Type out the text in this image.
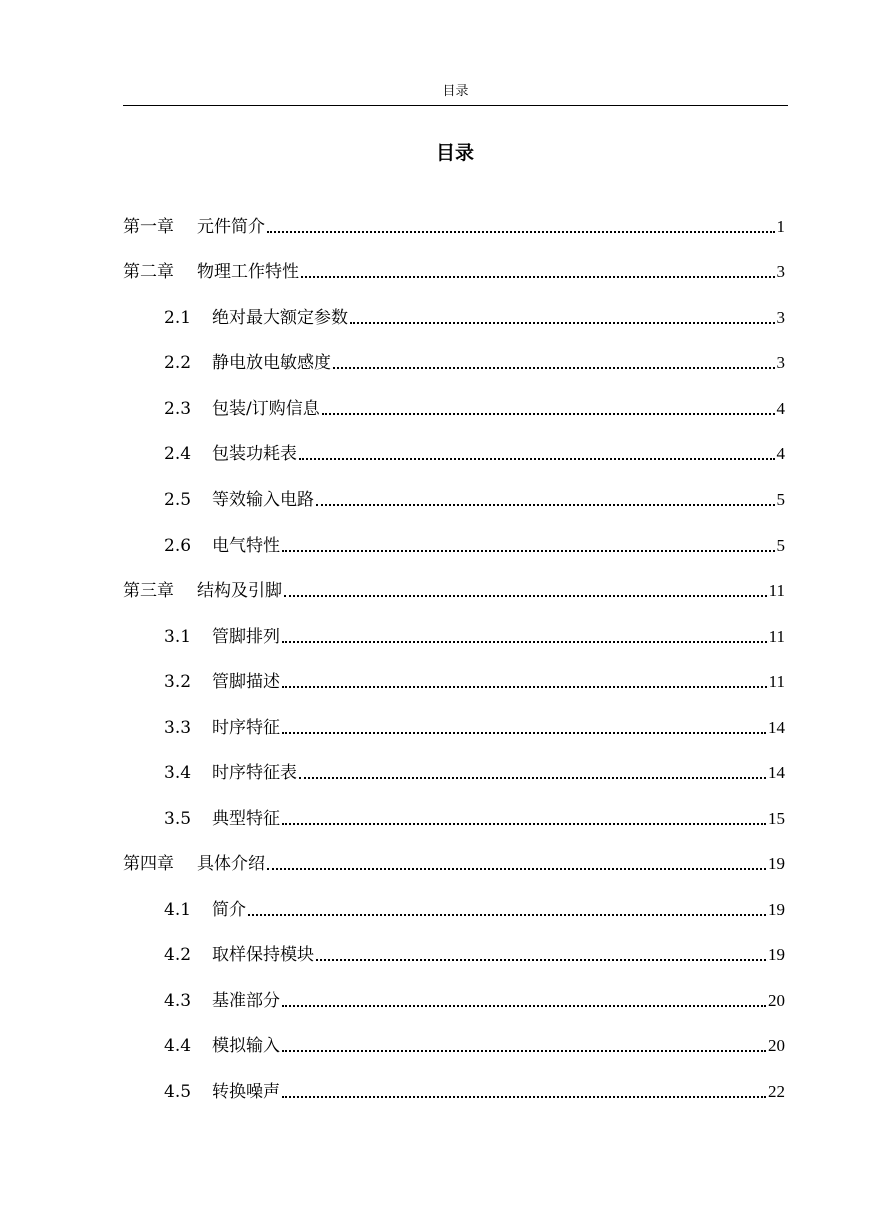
目录
目录
第一章	元件简介	1
第二章	物理工作特性	3
2.1	绝对最大额定参数	3
2.2	静电放电敏感度	3
2.3	包装/订购信息	4
2.4	包装功耗表	4
2.5	等效输入电路	5
2.6	电气特性	5
第三章	结构及引脚	11
3.1	管脚排列	11
3.2	管脚描述	11
3.3	时序特征	14
3.4	时序特征表	14
3.5	典型特征	15
第四章	具体介绍	19
4.1	简介	19
4.2	取样保持模块	19
4.3	基准部分	20
4.4	模拟输入	20
4.5	转换噪声	22
